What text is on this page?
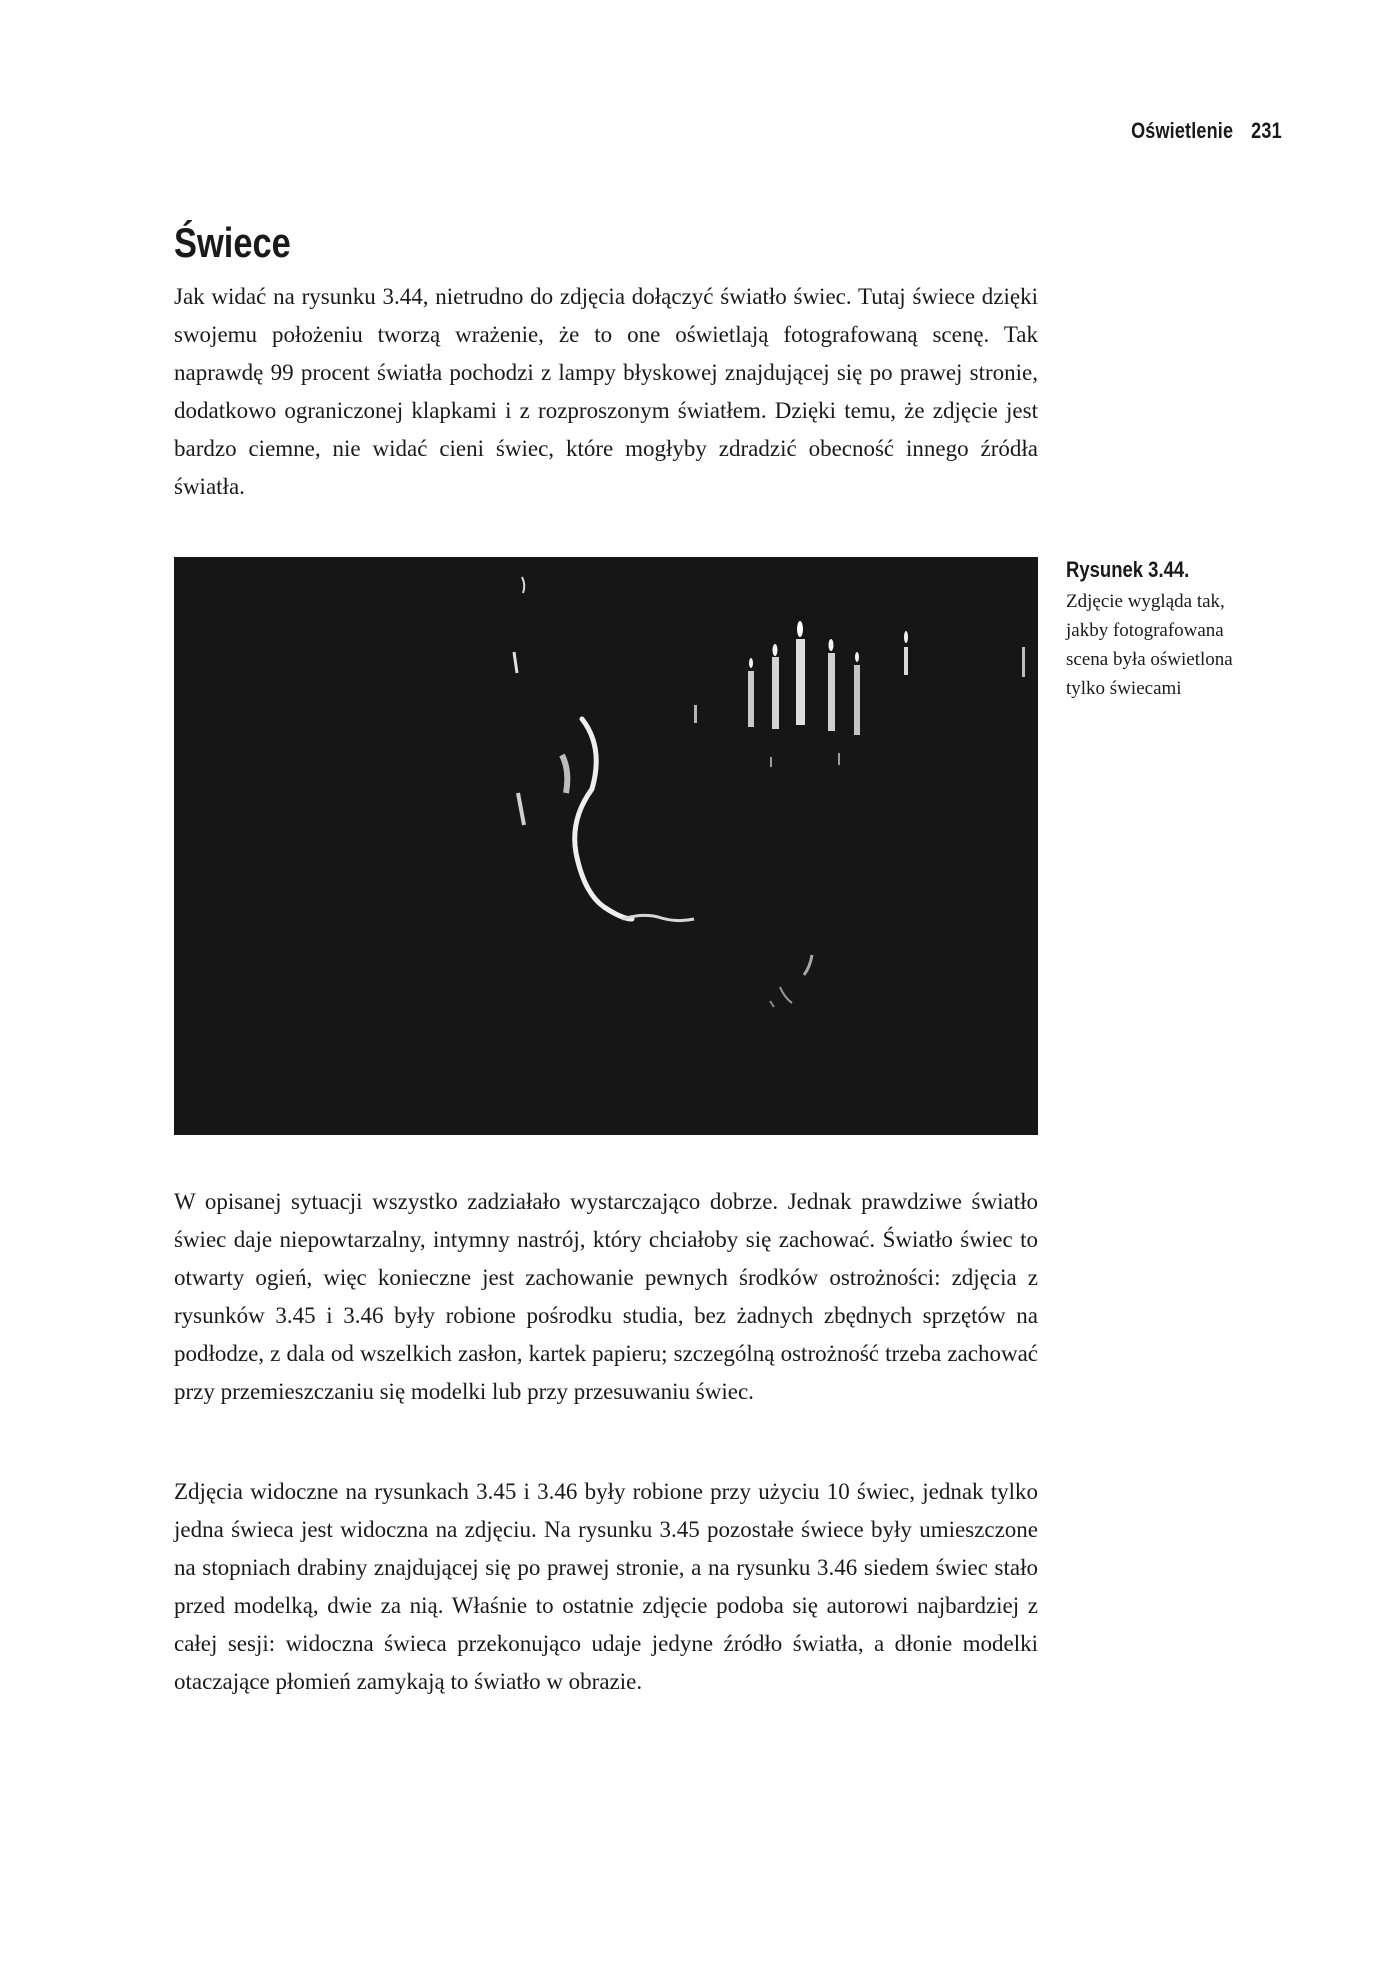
Oświetlenie 231
Świece

Jak widać na rysunku 3.44, nietrudno do zdjęcia dołączyć światło świec. Tutaj świece dzięki swojemu położeniu tworzą wrażenie, że to one oświetlają fotografowaną scenę. Tak naprawdę 99 procent światła pochodzi z lampy błyskowej znajdującej się po prawej stronie, dodatkowo ograniczonej klapkami i z rozproszonym światłem. Dzięki temu, że zdjęcie jest bardzo ciemne, nie widać cieni świec, które mogłyby zdradzić obecność innego źródła światła.

Rysunek 3.44.
Zdjęcie wygląda tak, jakby fotografowana scena była oświetlona tylko świecami

W opisanej sytuacji wszystko zadziałało wystarczająco dobrze. Jednak prawdziwe światło świec daje niepowtarzalny, intymny nastrój, który chciałoby się zachować. Światło świec to otwarty ogień, więc konieczne jest zachowanie pewnych środków ostrożności: zdjęcia z rysunków 3.45 i 3.46 były robione pośrodku studia, bez żadnych zbędnych sprzętów na podłodze, z dala od wszelkich zasłon, kartek papieru; szczególną ostrożność trzeba zachować przy przemieszczaniu się modelki lub przy przesuwaniu świec.

Zdjęcia widoczne na rysunkach 3.45 i 3.46 były robione przy użyciu 10 świec, jednak tylko jedna świeca jest widoczna na zdjęciu. Na rysunku 3.45 pozostałe świece były umieszczone na stopniach drabiny znajdującej się po prawej stronie, a na rysunku 3.46 siedem świec stało przed modelką, dwie za nią. Właśnie to ostatnie zdjęcie podoba się autorowi najbardziej z całej sesji: widoczna świeca przekonująco udaje jedyne źródło światła, a dłonie modelki otaczające płomień zamykają to światło w obrazie.
